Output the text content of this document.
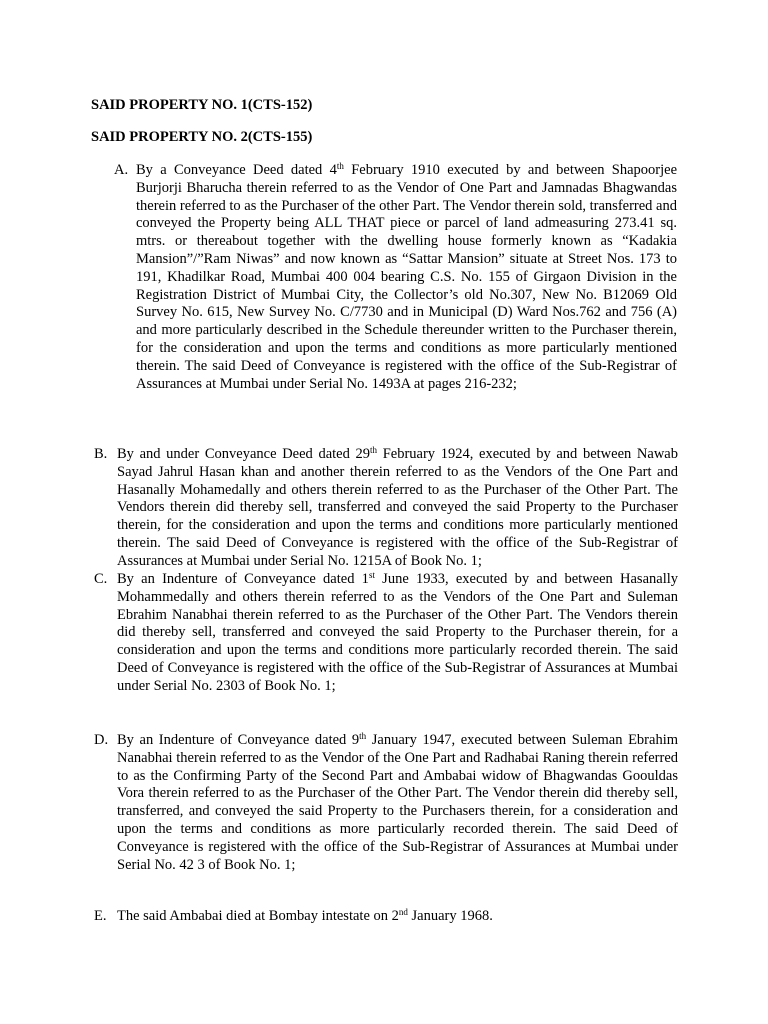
SAID PROPERTY NO. 1(CTS-152)
SAID PROPERTY NO. 2(CTS-155)
A. By a Conveyance Deed dated 4th February 1910 executed by and between Shapoorjee Burjorji Bharucha therein referred to as the Vendor of One Part and Jamnadas Bhagwandas therein referred to as the Purchaser of the other Part. The Vendor therein sold, transferred and conveyed the Property being ALL THAT piece or parcel of land admeasuring 273.41 sq. mtrs. or thereabout together with the dwelling house formerly known as “Kadakia Mansion”/”Ram Niwas” and now known as “Sattar Mansion” situate at Street Nos. 173 to 191, Khadilkar Road, Mumbai 400 004 bearing C.S. No. 155 of Girgaon Division in the Registration District of Mumbai City, the Collector’s old No.307, New No. B12069 Old Survey No. 615, New Survey No. C/7730 and in Municipal (D) Ward Nos.762 and 756 (A) and more particularly described in the Schedule thereunder written to the Purchaser therein, for the consideration and upon the terms and conditions as more particularly mentioned therein. The said Deed of Conveyance is registered with the office of the Sub-Registrar of Assurances at Mumbai under Serial No. 1493A at pages 216-232;
B. By and under Conveyance Deed dated 29th February 1924, executed by and between Nawab Sayad Jahrul Hasan khan and another therein referred to as the Vendors of the One Part and Hasanally Mohamedally and others therein referred to as the Purchaser of the Other Part. The Vendors therein did thereby sell, transferred and conveyed the said Property to the Purchaser therein, for the consideration and upon the terms and conditions more particularly mentioned therein. The said Deed of Conveyance is registered with the office of the Sub-Registrar of Assurances at Mumbai under Serial No. 1215A of Book No. 1;
C. By an Indenture of Conveyance dated 1st June 1933, executed by and between Hasanally Mohammedally and others therein referred to as the Vendors of the One Part and Suleman Ebrahim Nanabhai therein referred to as the Purchaser of the Other Part. The Vendors therein did thereby sell, transferred and conveyed the said Property to the Purchaser therein, for a consideration and upon the terms and conditions more particularly recorded therein. The said Deed of Conveyance is registered with the office of the Sub-Registrar of Assurances at Mumbai under Serial No. 2303 of Book No. 1;
D. By an Indenture of Conveyance dated 9th January 1947, executed between Suleman Ebrahim Nanabhai therein referred to as the Vendor of the One Part and Radhabai Raning therein referred to as the Confirming Party of the Second Part and Ambabai widow of Bhagwandas Goouldas Vora therein referred to as the Purchaser of the Other Part. The Vendor therein did thereby sell, transferred, and conveyed the said Property to the Purchasers therein, for a consideration and upon the terms and conditions as more particularly recorded therein. The said Deed of Conveyance is registered with the office of the Sub-Registrar of Assurances at Mumbai under Serial No. 42 3 of Book No. 1;
E. The said Ambabai died at Bombay intestate on 2nd January 1968.
